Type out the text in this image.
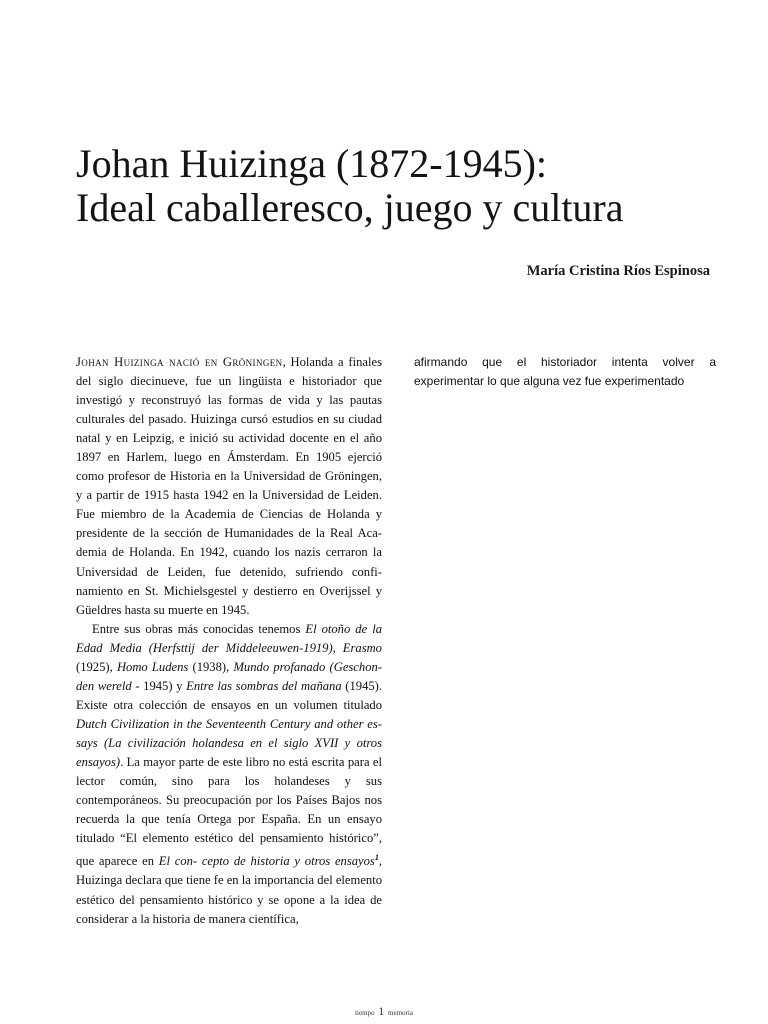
Johan Huizinga (1872-1945):
Ideal caballeresco, juego y cultura
María Cristina Ríos Espinosa

Johan Huizinga nació en Gröningen, Holanda a finales del siglo diecinueve, fue un lingüista e historiador que investigó y reconstruyó las formas de vida y las pautas culturales del pasado. Huizinga cursó estudios en su ciudad natal y en Leipzig, e inició su actividad docente en el año 1897 en Harlem, luego en Ámsterdam. En 1905 ejerció como profesor de Historia en la Universidad de Gröningen, y a partir de 1915 hasta 1942 en la Universidad de Leiden. Fue miembro de la Academia de Ciencias de Holanda y presidente de la sección de Humanidades de la Real Aca- demia de Holanda. En 1942, cuando los nazis cerraron la Universidad de Leiden, fue detenido, sufriendo confi- namiento en St. Michielsgestel y destierro en Overijssel y Güeldres hasta su muerte en 1945.

Entre sus obras más conocidas tenemos El otoño de la Edad Media (Herfsttij der Middeleeuwen-1919), Erasmo (1925), Homo Ludens (1938), Mundo profanado (Geschon- den wereld - 1945) y Entre las sombras del mañana (1945). Existe otra colección de ensayos en un volumen titulado Dutch Civilization in the Seventeenth Century and other es- says (La civilización holandesa en el siglo XVII y otros ensayos). La mayor parte de este libro no está escrita para el lector común, sino para los holandeses y sus contemporáneos. Su preocupación por los Países Bajos nos recuerda la que tenía Ortega por España. En un ensayo titulado “El elemento estético del pensamiento histórico”, que aparece en El con- cepto de historia y otros ensayos$^1$, Huizinga declara que tiene fe en la importancia del elemento estético del pensamiento histórico y se opone a la idea de considerar a la historia de manera científica,

afirmando que el historiador intenta volver a experimentar lo que alguna vez fue experimentado

tiempo 1 memoria
